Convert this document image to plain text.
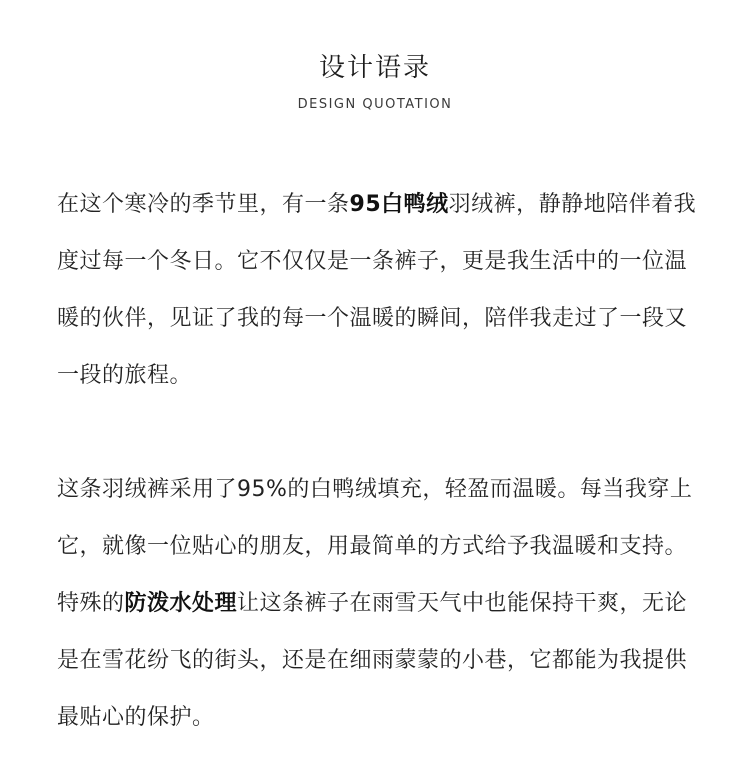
设计语录
DESIGN QUOTATION

在这个寒冷的季节里，有一条95白鸭绒羽绒裤，静静地陪伴着我度过每一个冬日。它不仅仅是一条裤子，更是我生活中的一位温暖的伙伴，见证了我的每一个温暖的瞬间，陪伴我走过了一段又一段的旅程。

这条羽绒裤采用了95%的白鸭绒填充，轻盈而温暖。每当我穿上它，就像一位贴心的朋友，用最简单的方式给予我温暖和支持。特殊的防泼水处理让这条裤子在雨雪天气中也能保持干爽，无论是在雪花纷飞的街头，还是在细雨蒙蒙的小巷，它都能为我提供最贴心的保护。
